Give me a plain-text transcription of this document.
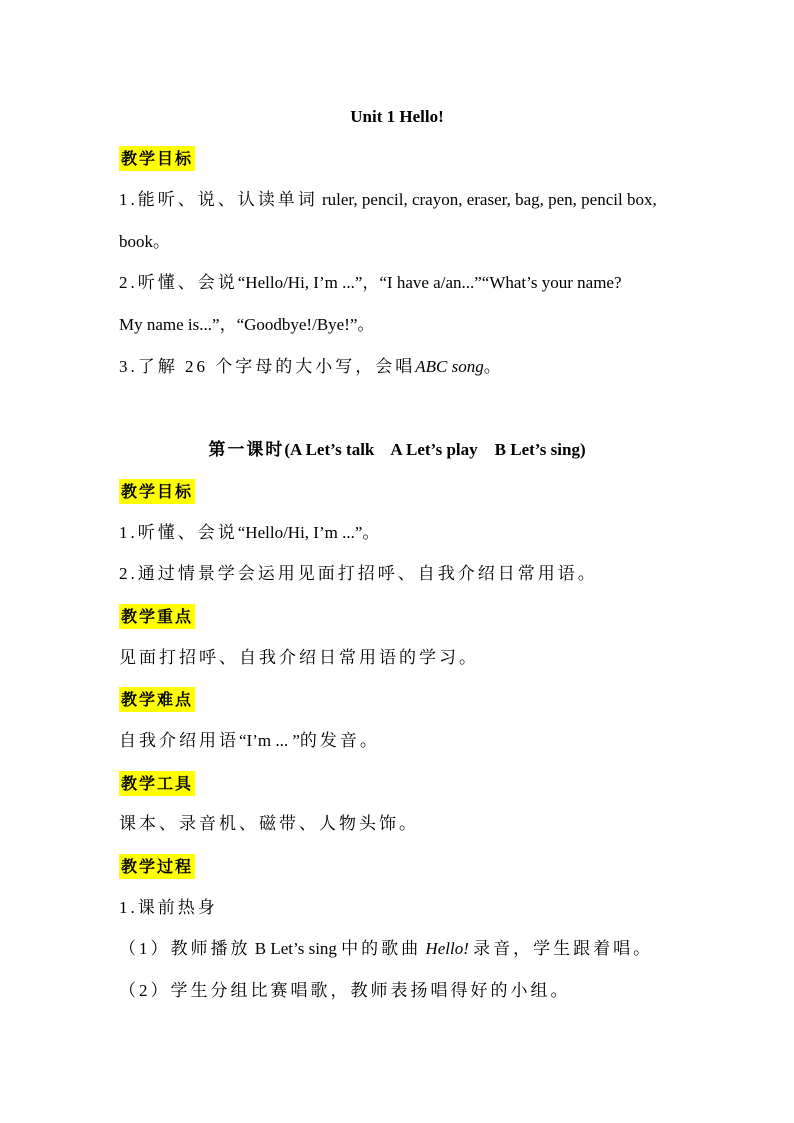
Unit 1 Hello!
教学目标
1.能听、说、认读单词 ruler, pencil, crayon, eraser, bag, pen, pencil box,
book。
2.听懂、会说“Hello/Hi, I’m ...”，“I have a/an...”“What’s your name?
My name is...”，“Goodbye!/Bye!”。
3.了解 26 个字母的大小写，会唱ABC song。
第一课时(A Let’s talk    A Let’s play    B Let’s sing)
教学目标
1.听懂、会说“Hello/Hi, I’m ...”。
2.通过情景学会运用见面打招呼、自我介绍日常用语。
教学重点
见面打招呼、自我介绍日常用语的学习。
教学难点
自我介绍用语“I’m ... ”的发音。
教学工具
课本、录音机、磁带、人物头饰。
教学过程
1.课前热身
（1）教师播放 B Let’s sing 中的歌曲 Hello! 录音，学生跟着唱。
（2）学生分组比赛唱歌，教师表扬唱得好的小组。
